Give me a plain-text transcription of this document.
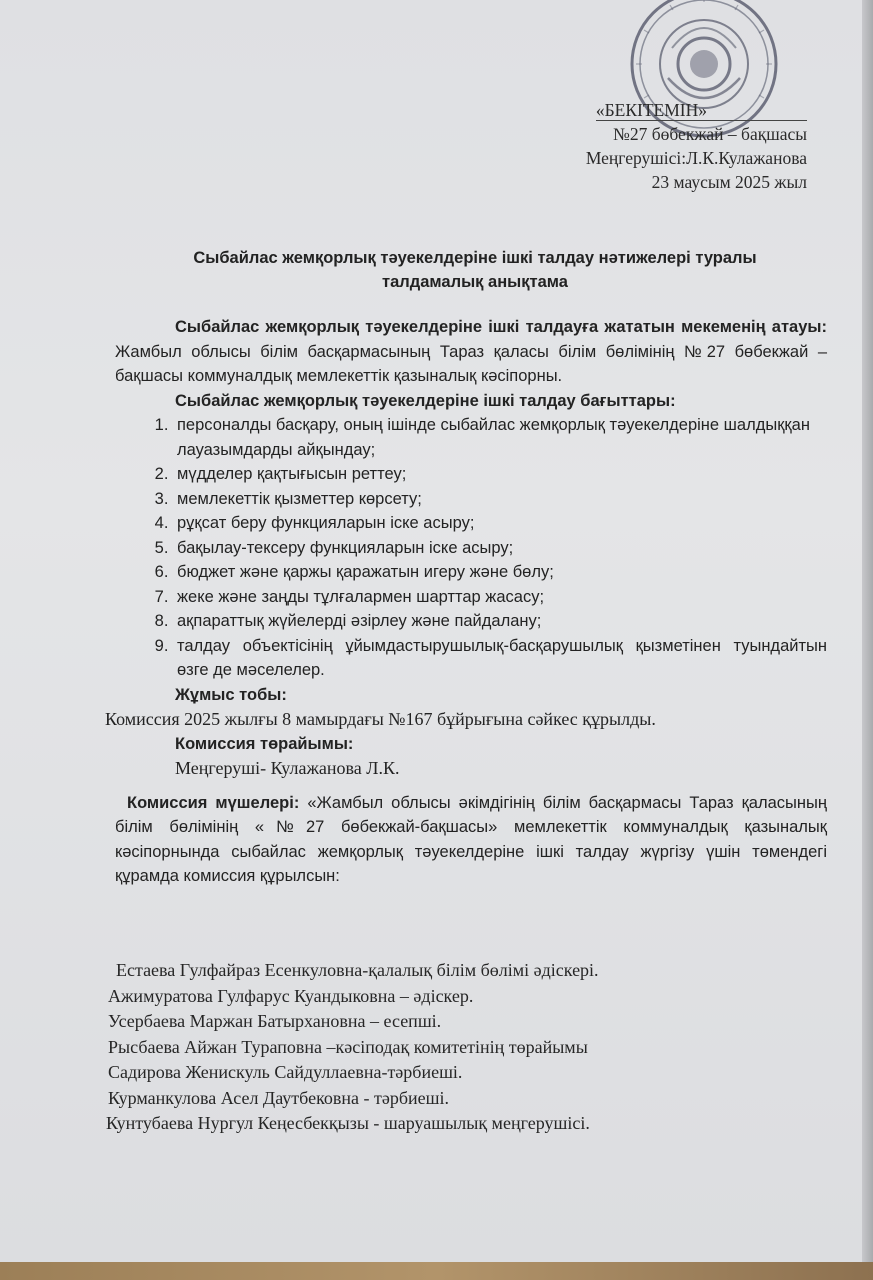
«БЕКІТЕМІН»
№27 бөбекжай – бақшасы
Меңгерушісі:Л.К.Кулажанова
23 маусым 2025 жыл
Сыбайлас жемқорлық тәуекелдеріне ішкі талдау нәтижелері туралы
талдамалық анықтама

Сыбайлас жемқорлық тәуекелдеріне ішкі талдауға жататын мекеменің атауы: Жамбыл облысы білім басқармасының Тараз қаласы білім бөлімінің №27 бөбекжай – бақшасы коммуналдық мемлекеттік қазыналық кәсіпорны.

Сыбайлас жемқорлық тәуекелдеріне ішкі талдау бағыттары:

1. персоналды басқару, оның ішінде сыбайлас жемқорлық тәуекелдеріне шалдыққан лауазымдарды айқындау;
2. мүдделер қақтығысын реттеу;
3. мемлекеттік қызметтер көрсету;
4. рұқсат беру функцияларын іске асыру;
5. бақылау-тексеру функцияларын іске асыру;
6. бюджет және қаржы қаражатын игеру және бөлу;
7. жеке және заңды тұлғалармен шарттар жасасу;
8. ақпараттық жүйелерді әзірлеу және пайдалану;
9. талдау объектісінің ұйымдастырушылық-басқарушылық қызметінен туындайтын өзге де мәселелер.

Жұмыс тобы:

Комиссия 2025 жылғы 8 мамырдағы №167 бұйрығына сәйкес құрылды.

Комиссия төрайымы:

Меңгеруші- Кулажанова Л.К.

Комиссия мүшелері: «Жамбыл облысы әкімдігінің білім басқармасы Тараз қаласының білім бөлімінің «№27 бөбекжай-бақшасы» мемлекеттік коммуналдық қазыналық кәсіпорнында сыбайлас жемқорлық тәуекелдеріне ішкі талдау жүргізу үшін төмендегі құрамда комиссия құрылсын:

Естаева Гулфайраз Есенкуловна-қалалық білім бөлімі әдіскері.
Ажимуратова Гулфарус Куандыковна – әдіскер.
Усербаева Маржан Батырхановна – есепші.
Рысбаева Айжан Тураповна –кәсіподақ комитетінің төрайымы
Садирова Женискуль Сайдуллаевна-тәрбиеші.
Курманкулова Асел Даутбековна - тәрбиеші.
Кунтубаева Нургул Кеңесбекқызы - шаруашылық меңгерушісі.
